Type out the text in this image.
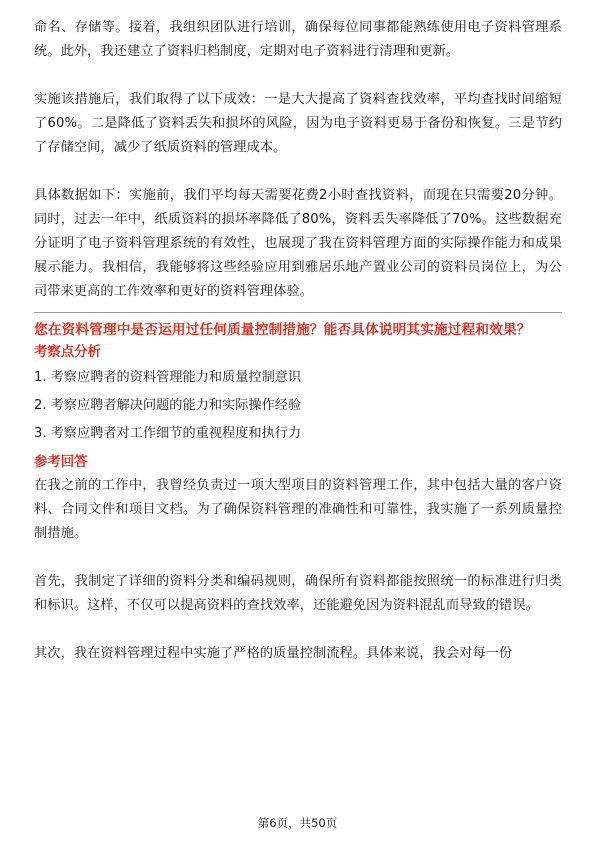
命名、存储等。接着，我组织团队进行培训，确保每位同事都能熟练使用电子资料管理系统。此外，我还建立了资料归档制度，定期对电子资料进行清理和更新。

实施该措施后，我们取得了以下成效：一是大大提高了资料查找效率，平均查找时间缩短了60%。二是降低了资料丢失和损坏的风险，因为电子资料更易于备份和恢复。三是节约了存储空间，减少了纸质资料的管理成本。

具体数据如下：实施前，我们平均每天需要花费2小时查找资料，而现在只需要20分钟。同时，过去一年中，纸质资料的损坏率降低了80%，资料丢失率降低了70%。这些数据充分证明了电子资料管理系统的有效性，也展现了我在资料管理方面的实际操作能力和成果展示能力。我相信，我能够将这些经验应用到雅居乐地产置业公司的资料员岗位上，为公司带来更高的工作效率和更好的资料管理体验。

您在资料管理中是否运用过任何质量控制措施？能否具体说明其实施过程和效果？

考察点分析

1. 考察应聘者的资料管理能力和质量控制意识
2. 考察应聘者解决问题的能力和实际操作经验
3. 考察应聘者对工作细节的重视程度和执行力

参考回答

在我之前的工作中，我曾经负责过一项大型项目的资料管理工作，其中包括大量的客户资料、合同文件和项目文档。为了确保资料管理的准确性和可靠性，我实施了一系列质量控制措施。

首先，我制定了详细的资料分类和编码规则，确保所有资料都能按照统一的标准进行归类和标识。这样，不仅可以提高资料的查找效率，还能避免因为资料混乱而导致的错误。

其次，我在资料管理过程中实施了严格的质量控制流程。具体来说，我会对每一份

第6页，共50页
